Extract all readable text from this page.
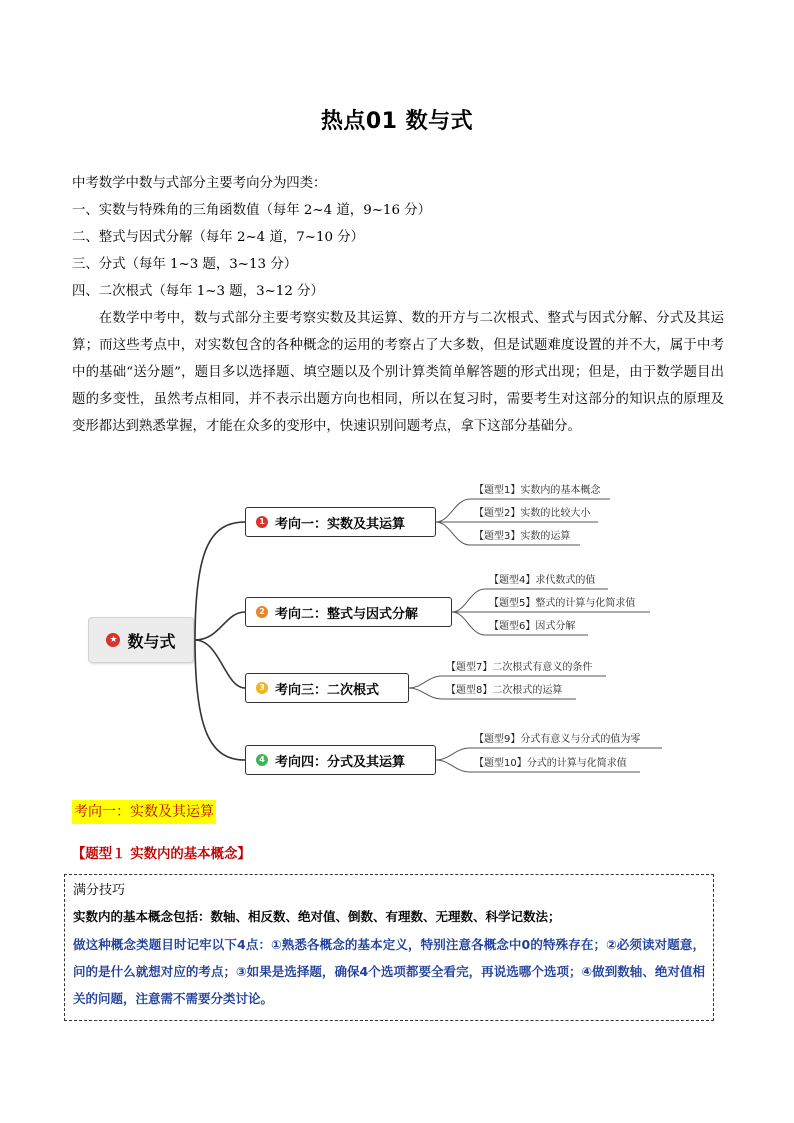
热点01 数与式
中考数学中数与式部分主要考向分为四类：
一、实数与特殊角的三角函数值（每年 2~4 道，9~16 分）
二、整式与因式分解（每年 2~4 道，7~10 分）
三、分式（每年 1~3 题，3~13 分）
四、二次根式（每年 1~3 题，3~12 分）

在数学中考中，数与式部分主要考察实数及其运算、数的开方与二次根式、整式与因式分解、分式及其运算；而这些考点中，对实数包含的各种概念的运用的考察占了大多数，但是试题难度设置的并不大，属于中考中的基础“送分题”，题目多以选择题、填空题以及个别计算类简单解答题的形式出现；但是，由于数学题目出题的多变性，虽然考点相同，并不表示出题方向也相同，所以在复习时，需要考生对这部分的知识点的原理及变形都达到熟悉掌握，才能在众多的变形中，快速识别问题考点，拿下这部分基础分。

★ 数与式
1 考向一：实数及其运算
2 考向二：整式与因式分解
3 考向三：二次根式
4 考向四：分式及其运算
【题型1】实数内的基本概念
【题型2】实数的比较大小
【题型3】实数的运算
【题型4】求代数式的值
【题型5】整式的计算与化简求值
【题型6】因式分解
【题型7】二次根式有意义的条件
【题型8】二次根式的运算
【题型9】分式有意义与分式的值为零
【题型10】分式的计算与化简求值
考向一：实数及其运算
【题型１ 实数内的基本概念】
满分技巧
实数内的基本概念包括：数轴、相反数、绝对值、倒数、有理数、无理数、科学记数法；
做这种概念类题目时记牢以下4点：①熟悉各概念的基本定义，特别注意各概念中0的特殊存在；②必须读对题意，问的是什么就想对应的考点；③如果是选择题，确保4个选项都要全看完，再说选哪个选项；④做到数轴、绝对值相关的问题，注意需不需要分类讨论。
